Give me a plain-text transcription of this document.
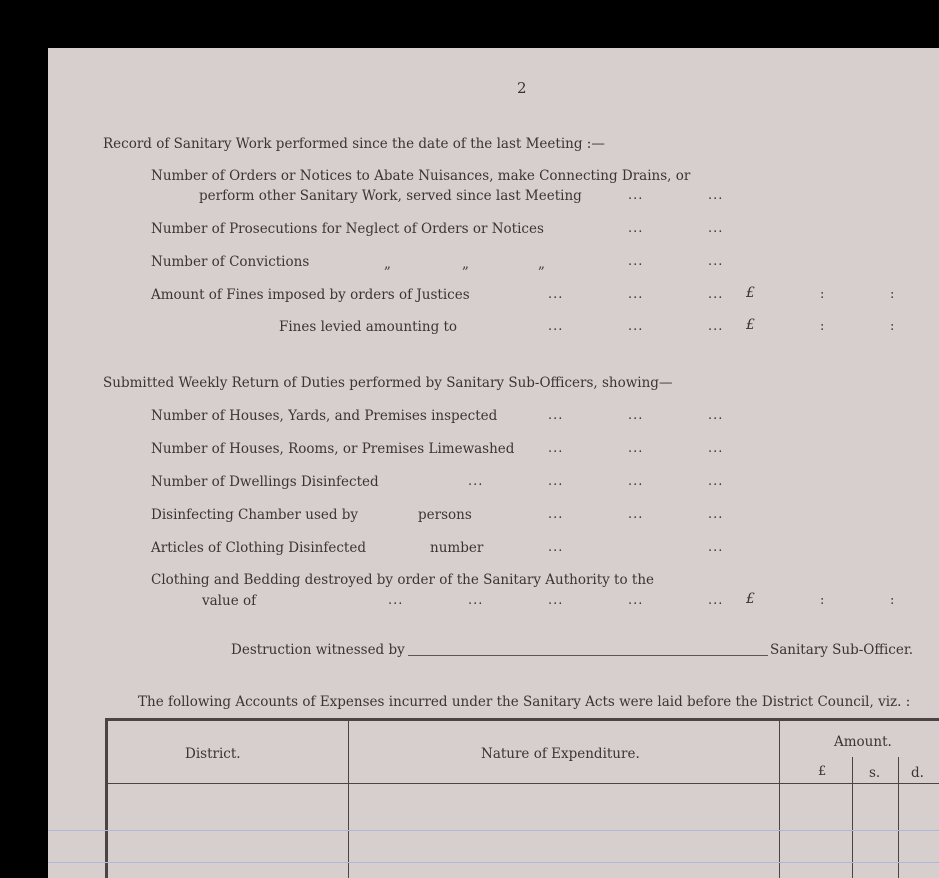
2
Record of Sanitary Work performed since the date of the last Meeting :—
Number of Orders or Notices to Abate Nuisances, make Connecting Drains, or
perform other Sanitary Work, served since last Meeting	...	...
Number of Prosecutions for Neglect of Orders or Notices	...	...
Number of Convictions	„	„	„	...	...
Amount of Fines imposed by orders of Justices	...	...	... £	:	:
Fines levied amounting to	...	...	... £	:	:
Submitted Weekly Return of Duties performed by Sanitary Sub-Officers, showing—
Number of Houses, Yards, and Premises inspected	...	...	...
Number of Houses, Rooms, or Premises Limewashed	...	...	...
Number of Dwellings Disinfected	...	...	...	...
Disinfecting Chamber used by	persons	...	...	...
Articles of Clothing Disinfected	number	...	...
Clothing and Bedding destroyed by order of the Sanitary Authority to the
value of	...	...	...	...	... £	:	:
Destruction witnessed by	Sanitary Sub-Officer.
The following Accounts of Expenses incurred under the Sanitary Acts were laid before the District Council, viz. :
District.	Nature of Expenditure.
Amount.
£	s. d.
